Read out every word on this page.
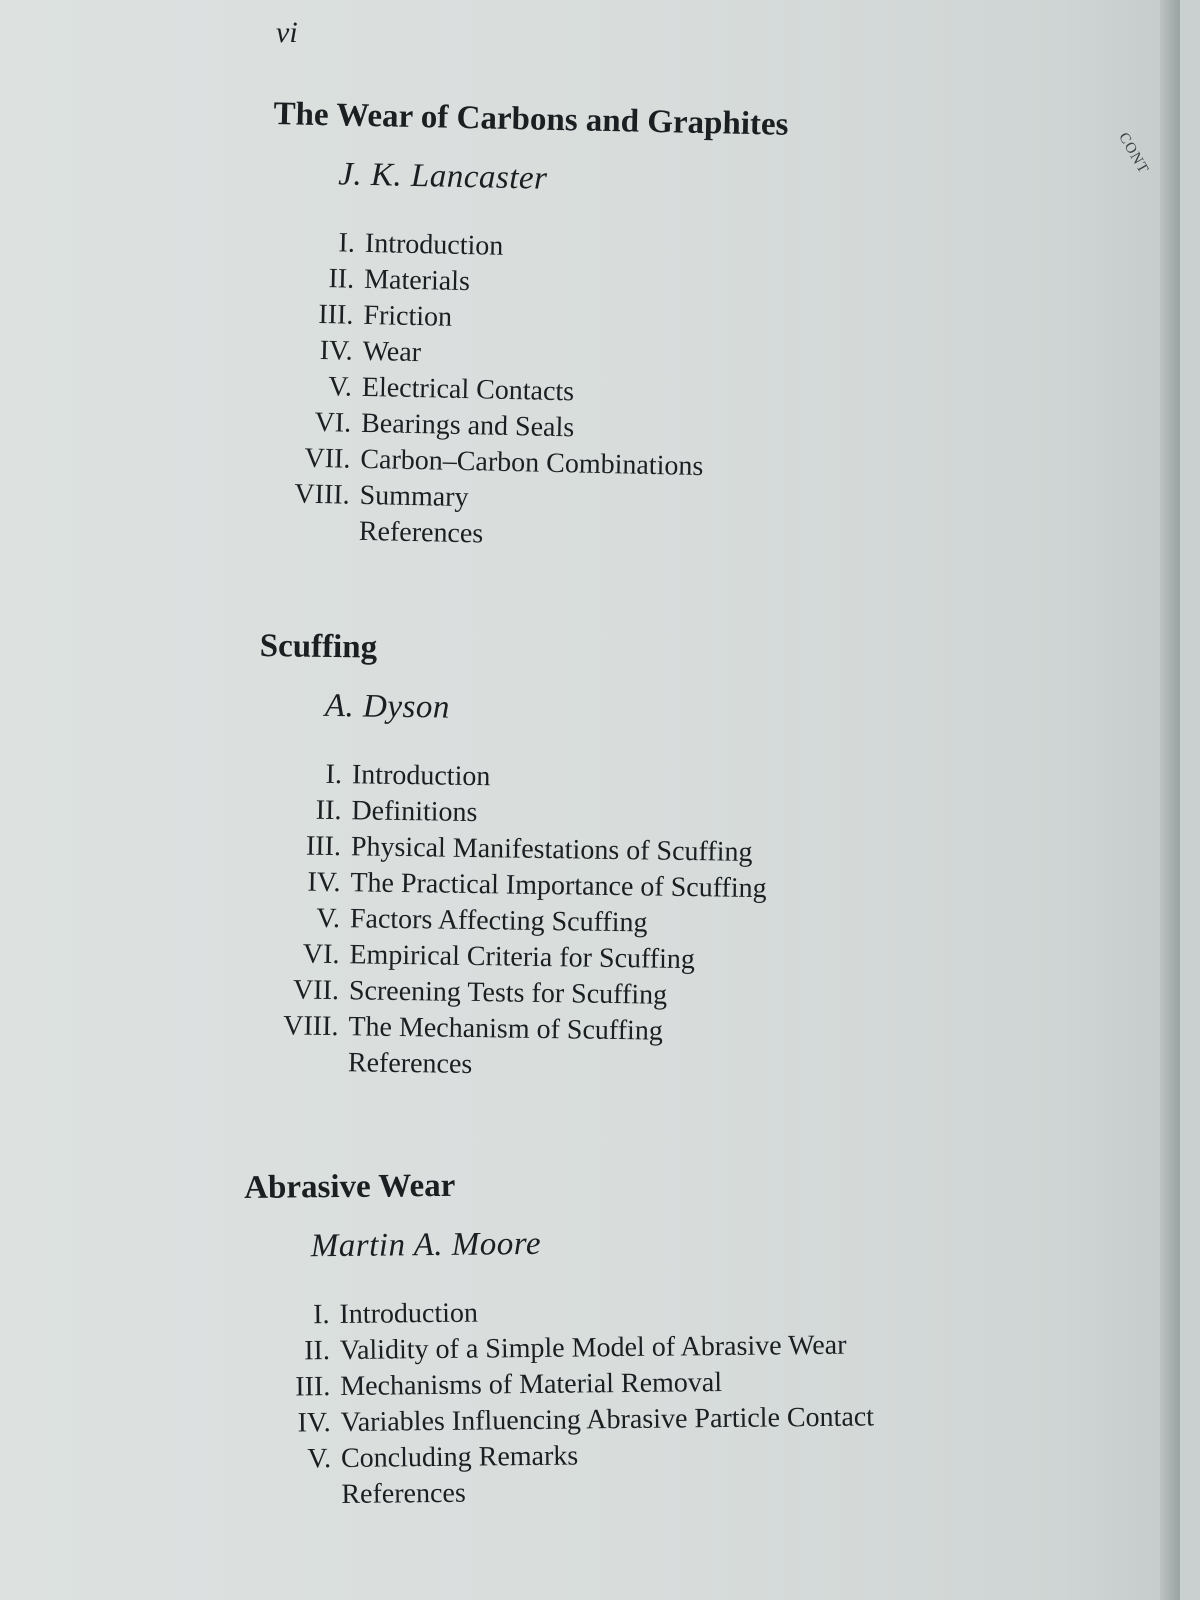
vi
The Wear of Carbons and Graphites
J. K. Lancaster
I. Introduction
II. Materials
III. Friction
IV. Wear
V. Electrical Contacts
VI. Bearings and Seals
VII. Carbon–Carbon Combinations
VIII. Summary
References
Scuffing
A. Dyson
I. Introduction
II. Definitions
III. Physical Manifestations of Scuffing
IV. The Practical Importance of Scuffing
V. Factors Affecting Scuffing
VI. Empirical Criteria for Scuffing
VII. Screening Tests for Scuffing
VIII. The Mechanism of Scuffing
References
Abrasive Wear
Martin A. Moore
I. Introduction
II. Validity of a Simple Model of Abrasive Wear
III. Mechanisms of Material Removal
IV. Variables Influencing Abrasive Particle Contact
V. Concluding Remarks
References
CONT
